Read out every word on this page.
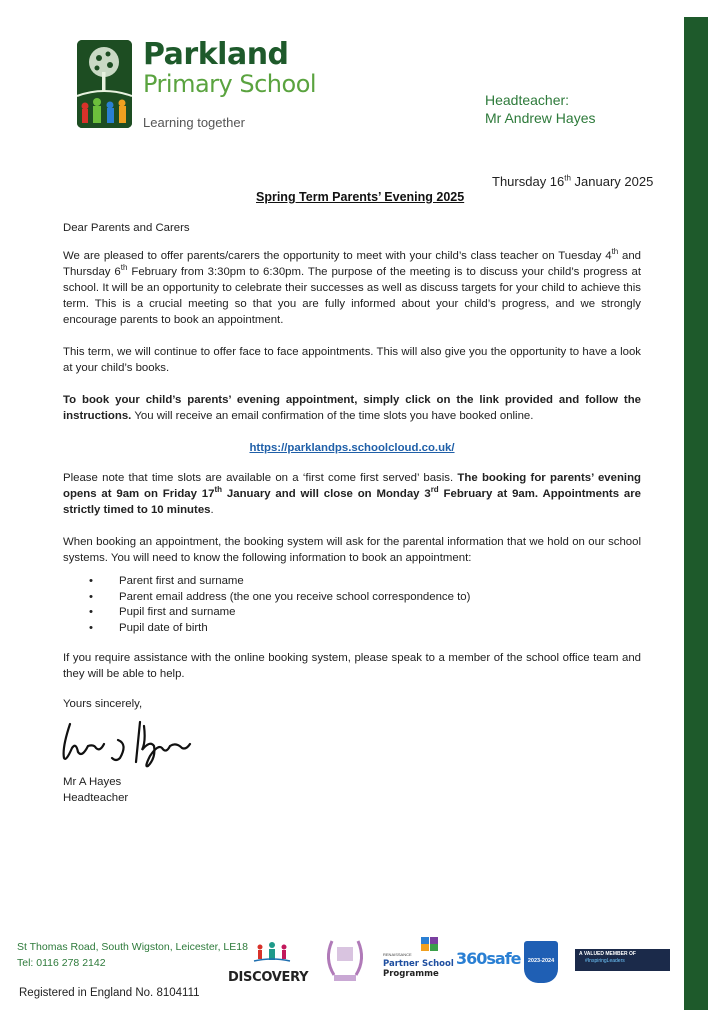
Parkland
Primary School
Learning together
Headteacher:
Mr Andrew Hayes
Thursday 16th January 2025
Spring Term Parents’ Evening 2025

Dear Parents and Carers

We are pleased to offer parents/carers the opportunity to meet with your child’s class teacher on Tuesday 4th and Thursday 6th February from 3:30pm to 6:30pm. The purpose of the meeting is to discuss your child’s progress at school. It will be an opportunity to celebrate their successes as well as discuss targets for your child to achieve this term. This is a crucial meeting so that you are fully informed about your child’s progress, and we strongly encourage parents to book an appointment.

This term, we will continue to offer face to face appointments. This will also give you the opportunity to have a look at your child’s books.

To book your child’s parents’ evening appointment, simply click on the link provided and follow the instructions. You will receive an email confirmation of the time slots you have booked online.

https://parklandps.schoolcloud.co.uk/

Please note that time slots are available on a ‘first come first served’ basis. The booking for parents’ evening opens at 9am on Friday 17th January and will close on Monday 3rd February at 9am. Appointments are strictly timed to 10 minutes.

When booking an appointment, the booking system will ask for the parental information that we hold on our school systems. You will need to know the following information to book an appointment:

• Parent first and surname
• Parent email address (the one you receive school correspondence to)
• Pupil first and surname
• Pupil date of birth

If you require assistance with the online booking system, please speak to a member of the school office team and they will be able to help.

Yours sincerely,
Mr A Hayes
Headteacher
St Thomas Road, South Wigston, Leicester, LE18
Tel: 0116 278 2142
Registered in England No. 8104111
DISCOVERY
RENAISSANCE
Partner School
Programme
360safe	2023-2024
A VALUED MEMBER OF
#InspiringLeaders
